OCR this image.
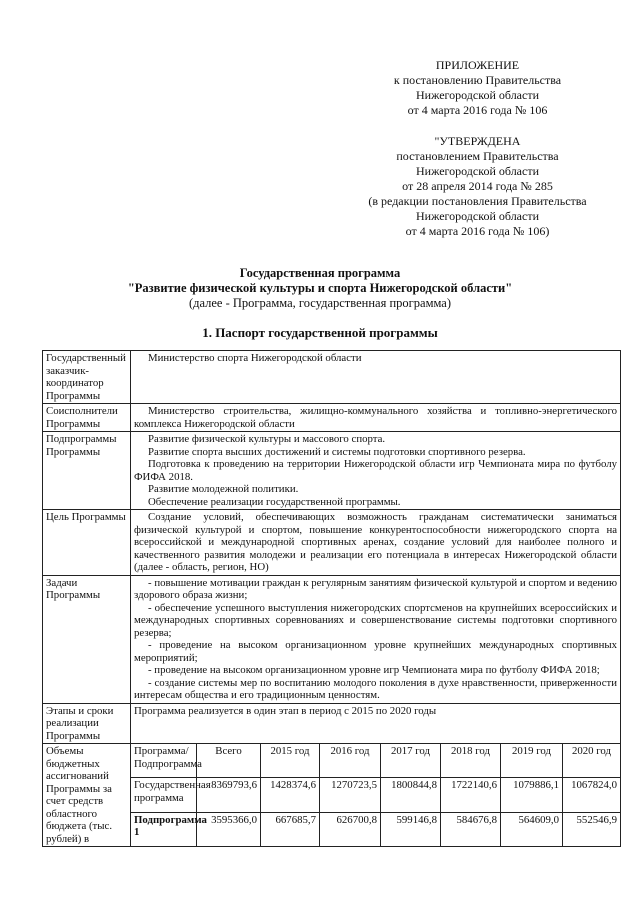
ПРИЛОЖЕНИЕ
к постановлению Правительства
Нижегородской области
от 4 марта 2016 года № 106
"УТВЕРЖДЕНА
постановлением Правительства
Нижегородской области
от 28 апреля 2014 года № 285
(в редакции постановления Правительства
Нижегородской области
от 4 марта 2016 года № 106)
Государственная программа
"Развитие физической культуры и спорта Нижегородской области"
(далее - Программа, государственная программа)
1. Паспорт государственной программы
Государственный заказчик-координатор Программы	Министерство спорта Нижегородской области							

Соисполнители Программы	Министерство строительства, жилищно-коммунального хозяйства и топливно-энергетического комплекса Нижегородской области							

Подпрограммы Программы	Развитие физической культуры и массового спорта.

Развитие спорта высших достижений и системы подготовки спортивного резерва.

Подготовка к проведению на территории Нижегородской области игр Чемпионата мира по футболу ФИФА 2018.

Развитие молодежной политики.

Обеспечение реализации государственной программы.							

Цель Программы	Создание условий, обеспечивающих возможность гражданам систематически заниматься физической культурой и спортом, повышение конкурентоспособности нижегородского спорта на всероссийской и международной спортивных аренах, создание условий для наиболее полного и качественного развития молодежи и реализации его потенциала в интересах Нижегородской области (далее - область, регион, НО)							

Задачи Программы	- повышение мотивации граждан к регулярным занятиям физической культурой и спортом и ведению здорового образа жизни;

- обеспечение успешного выступления нижегородских спортсменов на крупнейших всероссийских и международных спортивных соревнованиях и совершенствование системы подготовки спортивного резерва;

- проведение на высоком организационном уровне крупнейших международных спортивных мероприятий;

- проведение на высоком организационном уровне игр Чемпионата мира по футболу ФИФА 2018;

- создание системы мер по воспитанию молодого поколения в духе нравственности, приверженности интересам общества и его традиционным ценностям.							

Этапы и сроки реализации Программы	Программа реализуется в один этап в период с 2015 по 2020 годы							

Объемы бюджетных ассигнований Программы за счет средств областного бюджета (тыс. рублей) в	Программа/ Подпрограмма	Всего	2015 год	2016 год	2017 год	2018 год	2019 год	2020 год
	Государственная программа	8369793,6	1428374,6	1270723,5	1800844,8	1722140,6	1079886,1	1067824,0
	Подпрограмма 1	3595366,0	667685,7	626700,8	599146,8	584676,8	564609,0	552546,9
